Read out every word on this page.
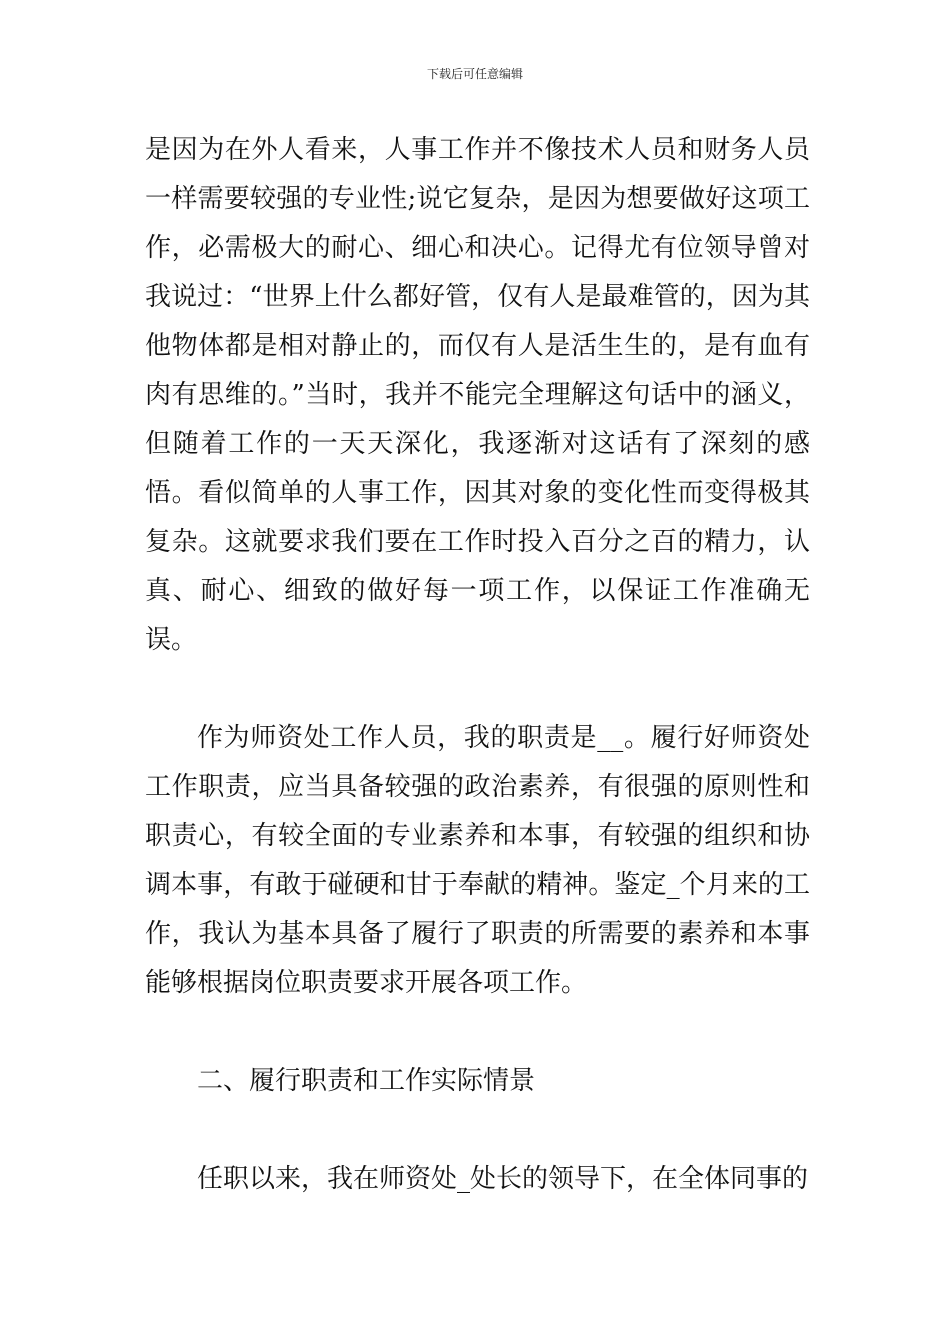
下载后可任意编辑

是因为在外人看来，人事工作并不像技术人员和财务人员一样需要较强的专业性;说它复杂，是因为想要做好这项工作，必需极大的耐心、细心和决心。记得尤有位领导曾对我说过：“世界上什么都好管，仅有人是最难管的，因为其他物体都是相对静止的，而仅有人是活生生的，是有血有肉有思维的。”当时，我并不能完全理解这句话中的涵义，但随着工作的一天天深化，我逐渐对这话有了深刻的感悟。看似简单的人事工作，因其对象的变化性而变得极其复杂。这就要求我们要在工作时投入百分之百的精力，认真、耐心、细致的做好每一项工作，以保证工作准确无误。

作为师资处工作人员，我的职责是__。履行好师资处工作职责，应当具备较强的政治素养，有很强的原则性和职责心，有较全面的专业素养和本事，有较强的组织和协调本事，有敢于碰硬和甘于奉献的精神。鉴定_个月来的工作，我认为基本具备了履行了职责的所需要的素养和本事能够根据岗位职责要求开展各项工作。

二、履行职责和工作实际情景

任职以来，我在师资处_处长的领导下，在全体同事的
